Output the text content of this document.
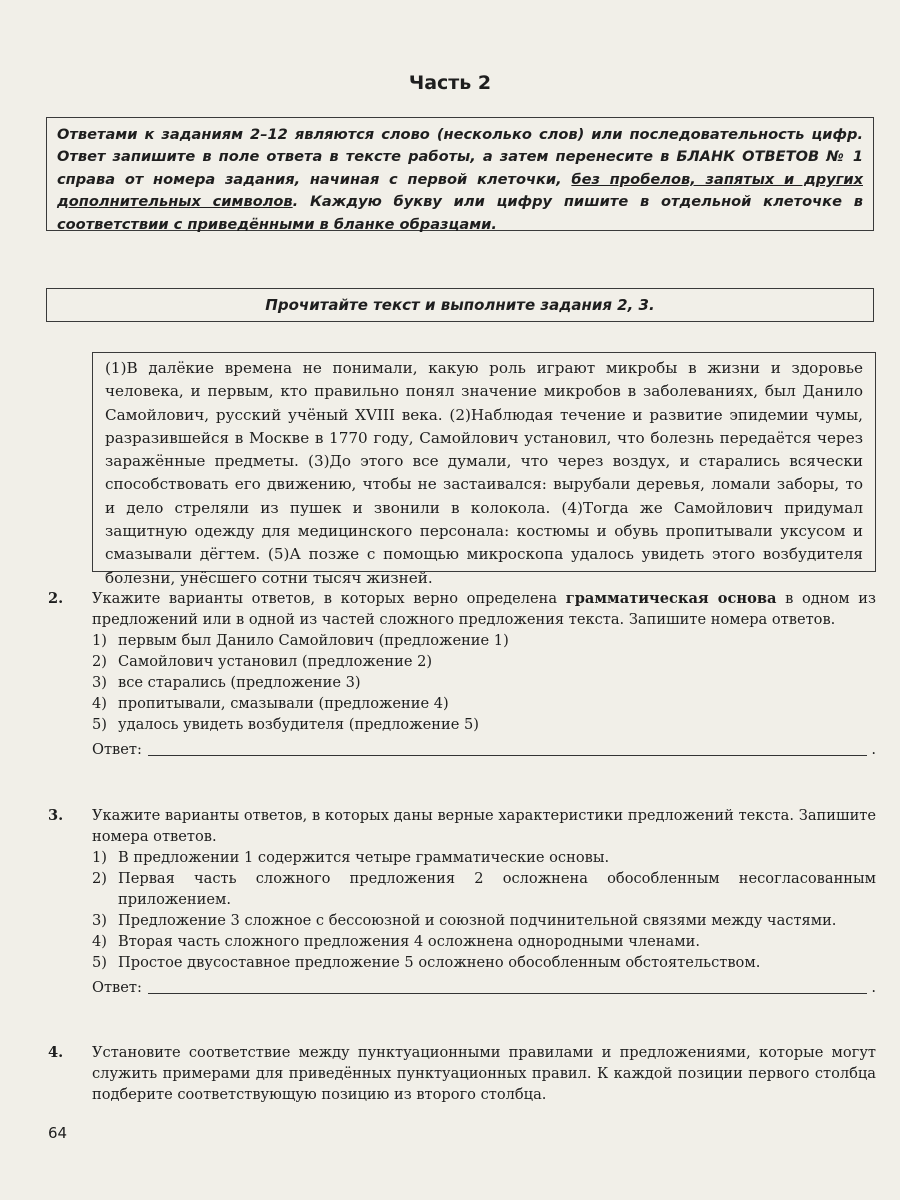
Часть 2
Ответами к заданиям 2–12 являются слово (несколько слов) или последовательность цифр. Ответ запишите в поле ответа в тексте работы, а затем перенесите в БЛАНК ОТВЕТОВ № 1 справа от номера задания, начиная с первой клеточки, без пробелов, запятых и других дополнительных символов. Каждую букву или цифру пишите в отдельной клеточке в соответствии с приведёнными в бланке образцами.
Прочитайте текст и выполните задания 2, 3.
(1)В далёкие времена не понимали, какую роль играют микробы в жизни и здоровье человека, и первым, кто правильно понял значение микробов в заболеваниях, был Данило Самойлович, русский учёный XVIII века. (2)Наблюдая течение и развитие эпидемии чумы, разразившейся в Москве в 1770 году, Самойлович установил, что болезнь передаётся через заражённые предметы. (3)До этого все думали, что через воздух, и старались всячески способствовать его движению, чтобы не застаивался: вырубали деревья, ломали заборы, то и дело стреляли из пушек и звонили в колокола. (4)Тогда же Самойлович придумал защитную одежду для медицинского персонала: костюмы и обувь пропитывали уксусом и смазывали дёгтем. (5)А позже с помощью микроскопа удалось увидеть этого возбудителя болезни, унёсшего сотни тысяч жизней.
2. Укажите варианты ответов, в которых верно определена грамматическая основа в одном из предложений или в одной из частей сложного предложения текста. Запишите номера ответов.
1) первым был Данило Самойлович (предложение 1)
2) Самойлович установил (предложение 2)
3) все старались (предложение 3)
4) пропитывали, смазывали (предложение 4)
5) удалось увидеть возбудителя (предложение 5)
Ответ:	.
3. Укажите варианты ответов, в которых даны верные характеристики предложений текста. Запишите номера ответов.
1) В предложении 1 содержится четыре грамматические основы.
2) Первая часть сложного предложения 2 осложнена обособленным несогласованным приложением.
3) Предложение 3 сложное с бессоюзной и союзной подчинительной связями между частями.
4) Вторая часть сложного предложения 4 осложнена однородными членами.
5) Простое двусоставное предложение 5 осложнено обособленным обстоятельством.
Ответ:	.
4. Установите соответствие между пунктуационными правилами и предложениями, которые могут служить примерами для приведённых пунктуационных правил. К каждой позиции первого столбца подберите соответствующую позицию из второго столбца.
64
